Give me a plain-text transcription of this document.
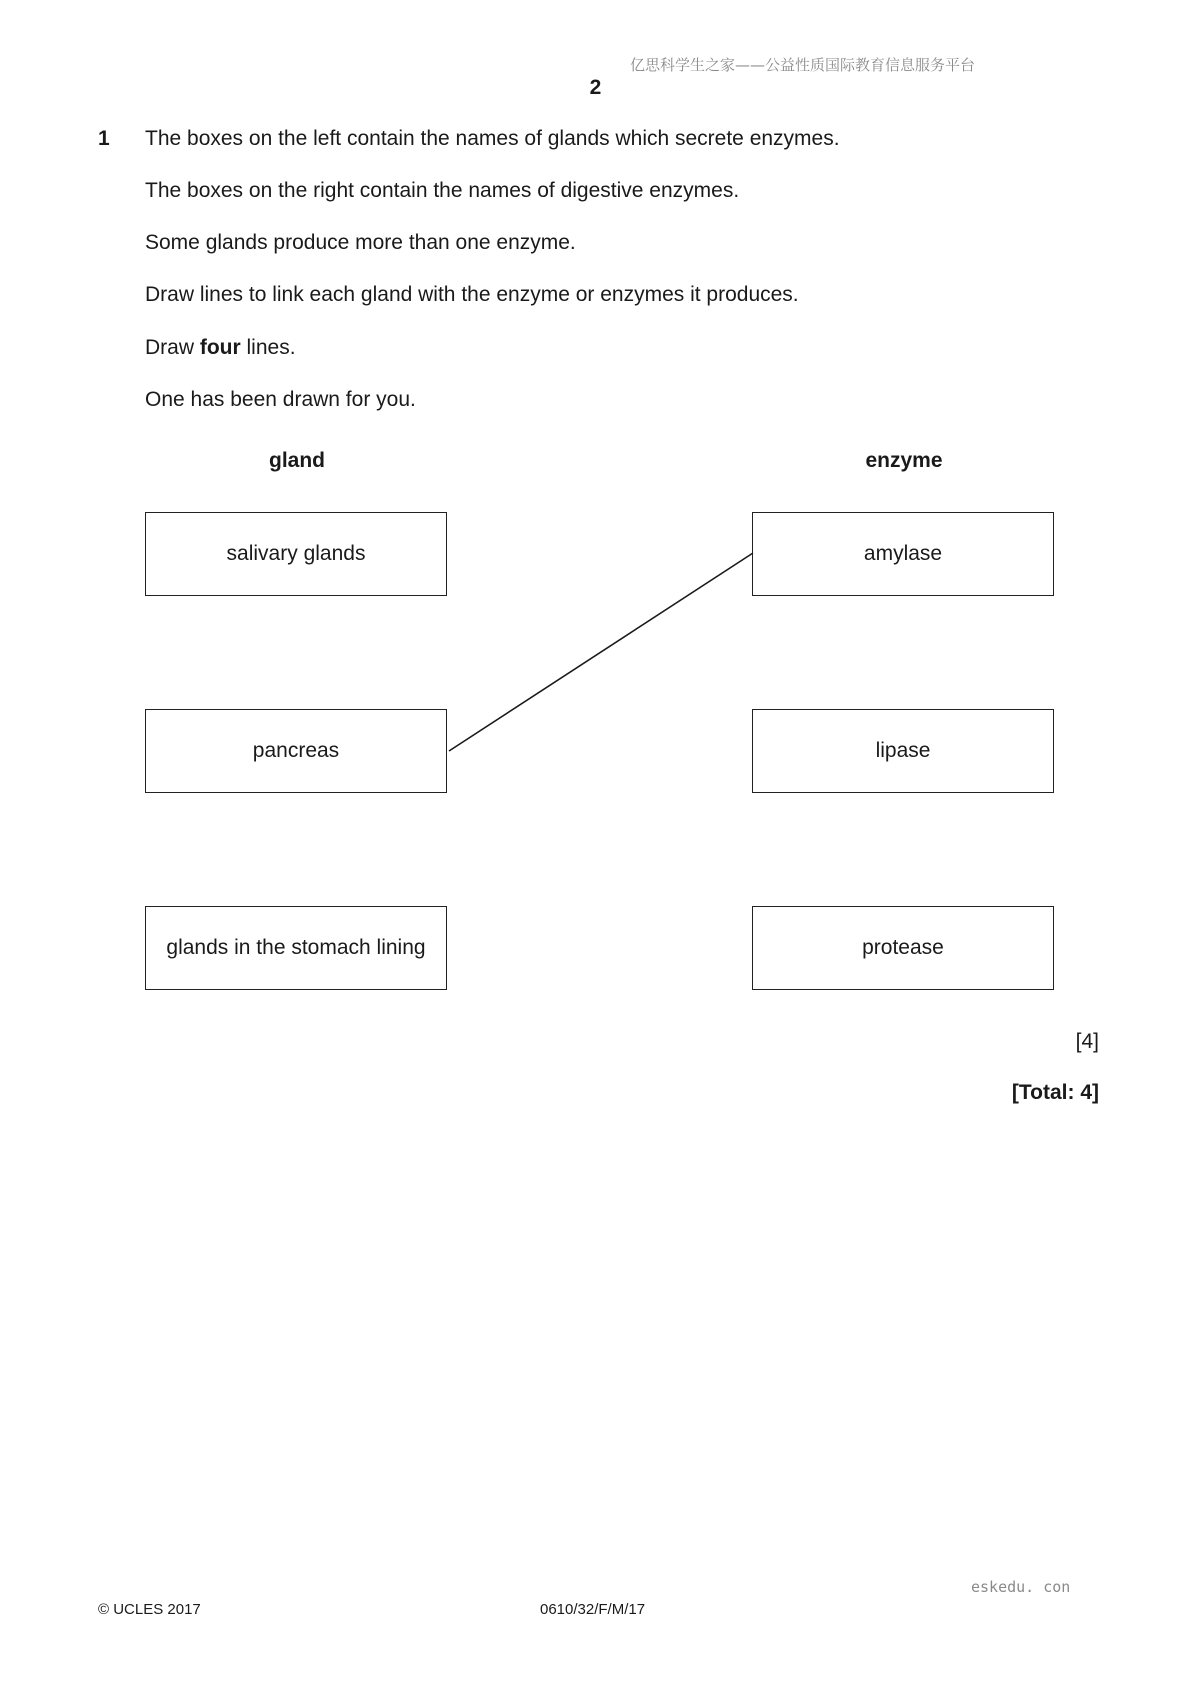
亿思科学生之家——公益性质国际教育信息服务平台
2
1 The boxes on the left contain the names of glands which secrete enzymes.
The boxes on the right contain the names of digestive enzymes.
Some glands produce more than one enzyme.
Draw lines to link each gland with the enzyme or enzymes it produces.
Draw four lines.
One has been drawn for you.
gland	enzyme
salivary glands
pancreas
glands in the stomach lining
amylase
lipase
protease
[4]
[Total: 4]
eskedu. con
© UCLES 2017	0610/32/F/M/17
